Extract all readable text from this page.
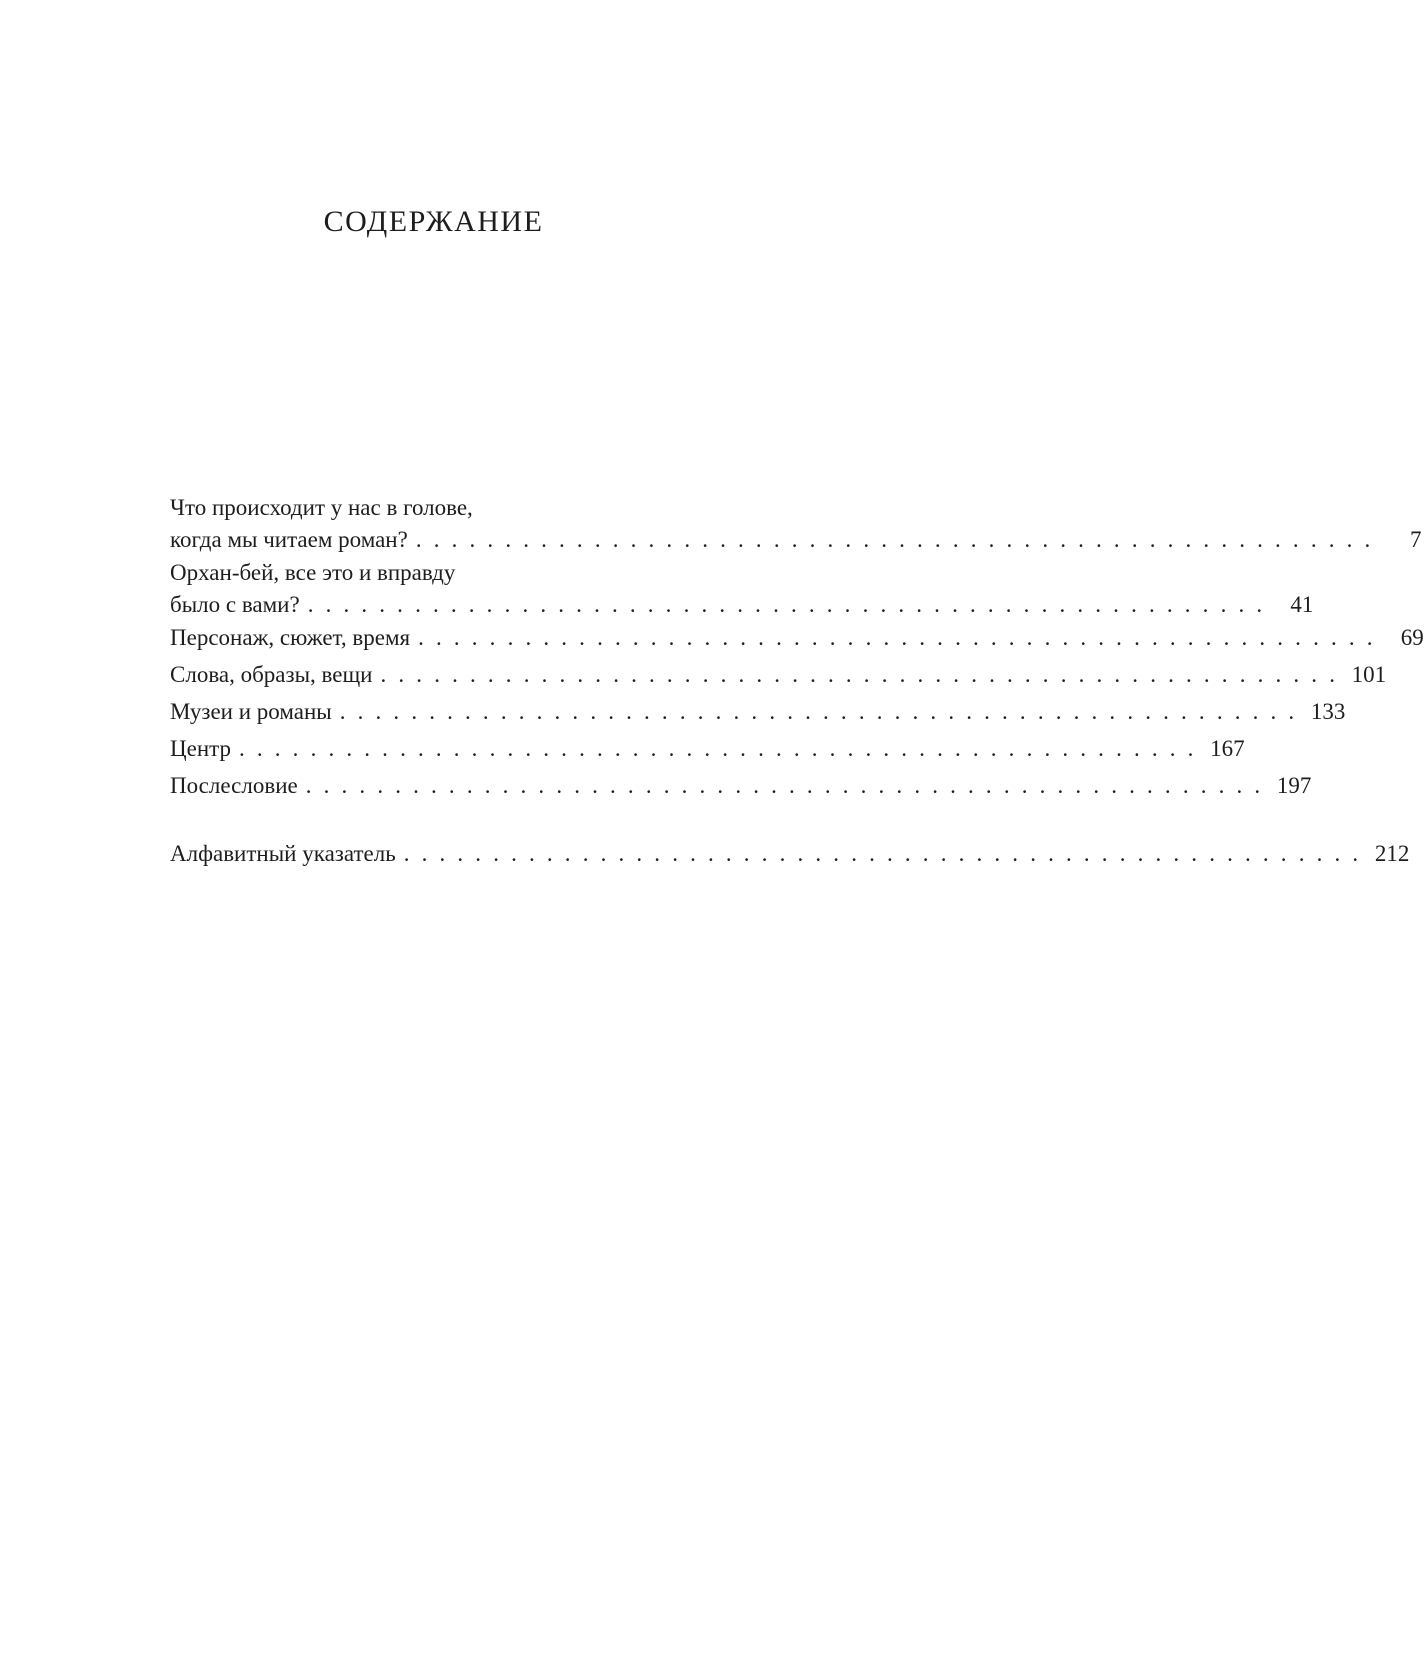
СОДЕРЖАНИЕ
Что происходит у нас в голове,
когда мы читаем роман? . . . . . . . . . . . . . . . . . . . . . . . . . . . . . . . . . . . . . . . . . . . . . . . . . . . . . .	7
Орхан-бей, все это и вправду
было с вами? . . . . . . . . . . . . . . . . . . . . . . . . . . . . . . . . . . . . . . . . . . . . . . . . . . . . . .	41
Персонаж, сюжет, время . . . . . . . . . . . . . . . . . . . . . . . . . . . . . . . . . . . . . . . . . . . . . . . . . . . . . .	69
Слова, образы, вещи . . . . . . . . . . . . . . . . . . . . . . . . . . . . . . . . . . . . . . . . . . . . . . . . . . . . . . 101
Музеи и романы . . . . . . . . . . . . . . . . . . . . . . . . . . . . . . . . . . . . . . . . . . . . . . . . . . . . . . 133
Центр . . . . . . . . . . . . . . . . . . . . . . . . . . . . . . . . . . . . . . . . . . . . . . . . . . . . . . 167
Послесловие . . . . . . . . . . . . . . . . . . . . . . . . . . . . . . . . . . . . . . . . . . . . . . . . . . . . . . 197
Алфавитный указатель . . . . . . . . . . . . . . . . . . . . . . . . . . . . . . . . . . . . . . . . . . . . . . . . . . . . . . 212
